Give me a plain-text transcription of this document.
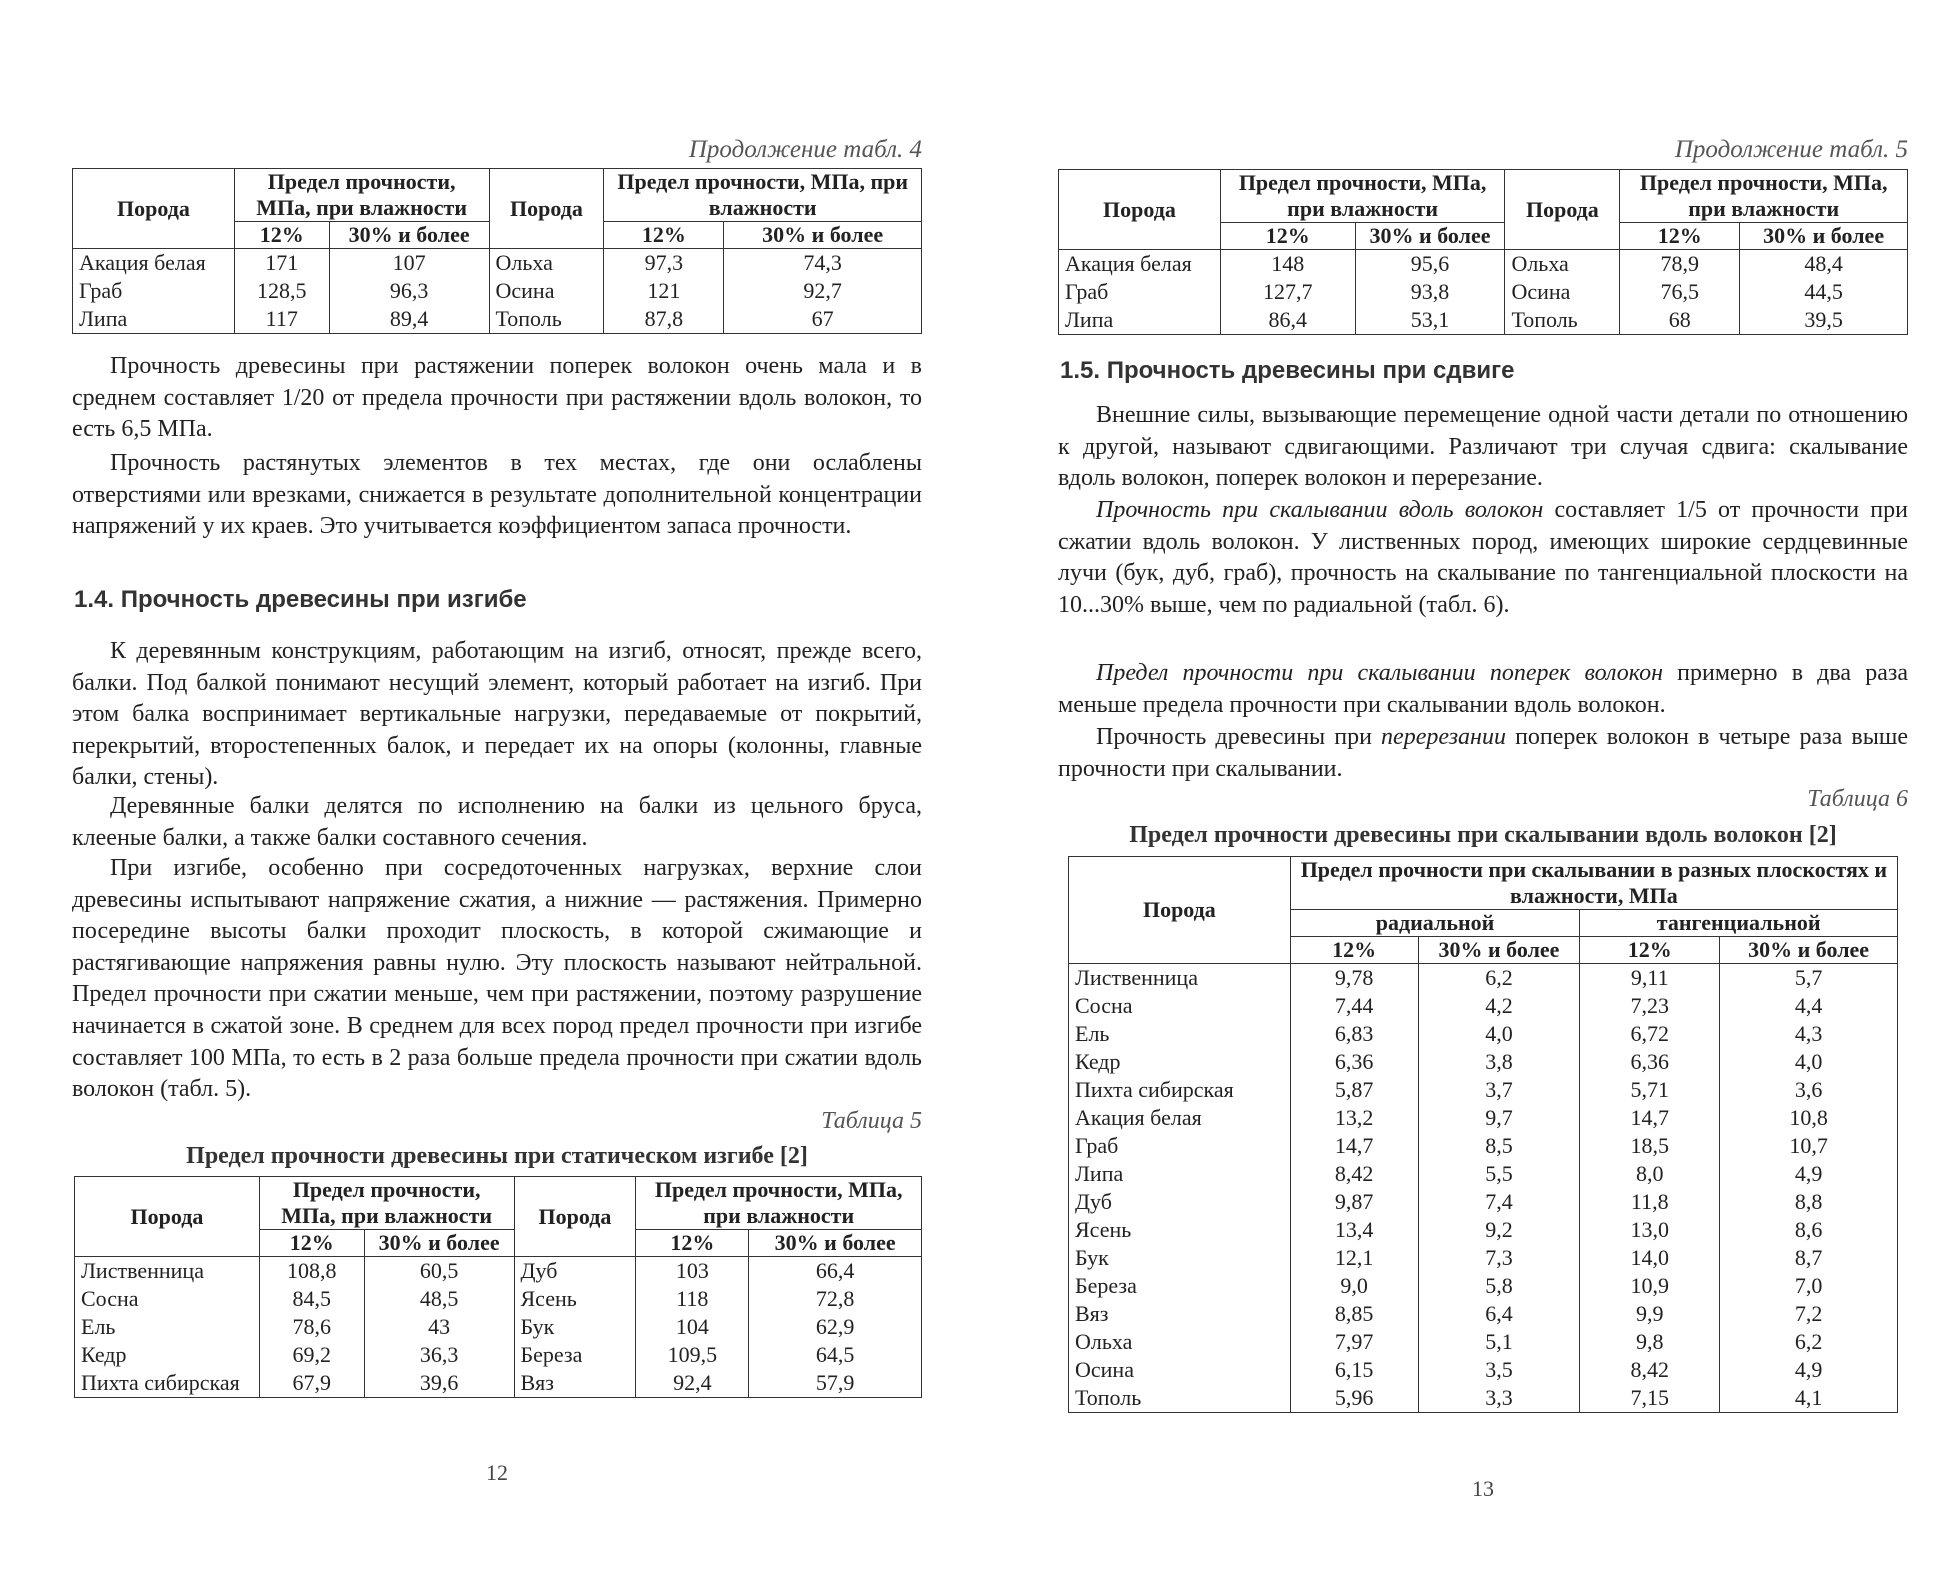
Продолжение табл. 4
Порода	Предел прочности, МПа, при влажности		Порода	Предел прочности, МПа, при влажности	
	12%	30% и более		12%	30% и более
Акация белая	171	107	Ольха	97,3	74,3
Граб	128,5	96,3	Осина	121	92,7
Липа	117	89,4	Тополь	87,8	67

Прочность древесины при растяжении поперек волокон очень мала и в среднем составляет 1/20 от предела прочности при растяжении вдоль волокон, то есть 6,5 МПа.

Прочность растянутых элементов в тех местах, где они ослаблены отверстиями или врезками, снижается в результате дополнительной концентрации напряжений у их краев. Это учитывается коэффициентом запаса прочности.

1.4. Прочность древесины при изгибе

К деревянным конструкциям, работающим на изгиб, относят, прежде всего, балки. Под балкой понимают несущий элемент, который работает на изгиб. При этом балка воспринимает вертикальные нагрузки, передаваемые от покрытий, перекрытий, второстепенных балок, и передает их на опоры (колонны, главные балки, стены).

Деревянные балки делятся по исполнению на балки из цельного бруса, клееные балки, а также балки составного сечения.

При изгибе, особенно при сосредоточенных нагрузках, верхние слои древесины испытывают напряжение сжатия, а нижние — растяжения. Примерно посередине высоты балки проходит плоскость, в которой сжимающие и растягивающие напряжения равны нулю. Эту плоскость называют нейтральной. Предел прочности при сжатии меньше, чем при растяжении, поэтому разрушение начинается в сжатой зоне. В среднем для всех пород предел прочности при изгибе составляет 100 МПа, то есть в 2 раза больше предела прочности при сжатии вдоль волокон (табл. 5).

Таблица 5
Предел прочности древесины при статическом изгибе [2]
Порода	Предел прочности, МПа, при влажности		Порода	Предел прочности, МПа, при влажности	
	12%	30% и более		12%	30% и более
Лиственница	108,8	60,5	Дуб	103	66,4
Сосна	84,5	48,5	Ясень	118	72,8
Ель	78,6	43	Бук	104	62,9
Кедр	69,2	36,3	Береза	109,5	64,5
Пихта сибирская	67,9	39,6	Вяз	92,4	57,9
12
Продолжение табл. 5
Порода	Предел прочности, МПа, при влажности		Порода	Предел прочности, МПа, при влажности	
	12%	30% и более		12%	30% и более
Акация белая	148	95,6	Ольха	78,9	48,4
Граб	127,7	93,8	Осина	76,5	44,5
Липа	86,4	53,1	Тополь	68	39,5
1.5. Прочность древесины при сдвиге

Внешние силы, вызывающие перемещение одной части детали по отношению к другой, называют сдвигающими. Различают три случая сдвига: скалывание вдоль волокон, поперек волокон и перерезание.

Прочность при скалывании вдоль волокон составляет 1/5 от прочности при сжатии вдоль волокон. У лиственных пород, имеющих широкие сердцевинные лучи (бук, дуб, граб), прочность на скалывание по тангенциальной плоскости на 10...30% выше, чем по радиальной (табл. 6).

Предел прочности при скалывании поперек волокон примерно в два раза меньше предела прочности при скалывании вдоль волокон.

Прочность древесины при перерезании поперек волокон в четыре раза выше прочности при скалывании.

Таблица 6
Предел прочности древесины при скалывании вдоль волокон [2]
Порода	Предел прочности при скалывании в разных плоскостях и влажности, МПа			
	радиальной		тангенциальной	
	12%	30% и более	12%	30% и более
Лиственница	9,78	6,2	9,11	5,7
Сосна	7,44	4,2	7,23	4,4
Ель	6,83	4,0	6,72	4,3
Кедр	6,36	3,8	6,36	4,0
Пихта сибирская	5,87	3,7	5,71	3,6
Акация белая	13,2	9,7	14,7	10,8
Граб	14,7	8,5	18,5	10,7
Липа	8,42	5,5	8,0	4,9
Дуб	9,87	7,4	11,8	8,8
Ясень	13,4	9,2	13,0	8,6
Бук	12,1	7,3	14,0	8,7
Береза	9,0	5,8	10,9	7,0
Вяз	8,85	6,4	9,9	7,2
Ольха	7,97	5,1	9,8	6,2
Осина	6,15	3,5	8,42	4,9
Тополь	5,96	3,3	7,15	4,1
13
